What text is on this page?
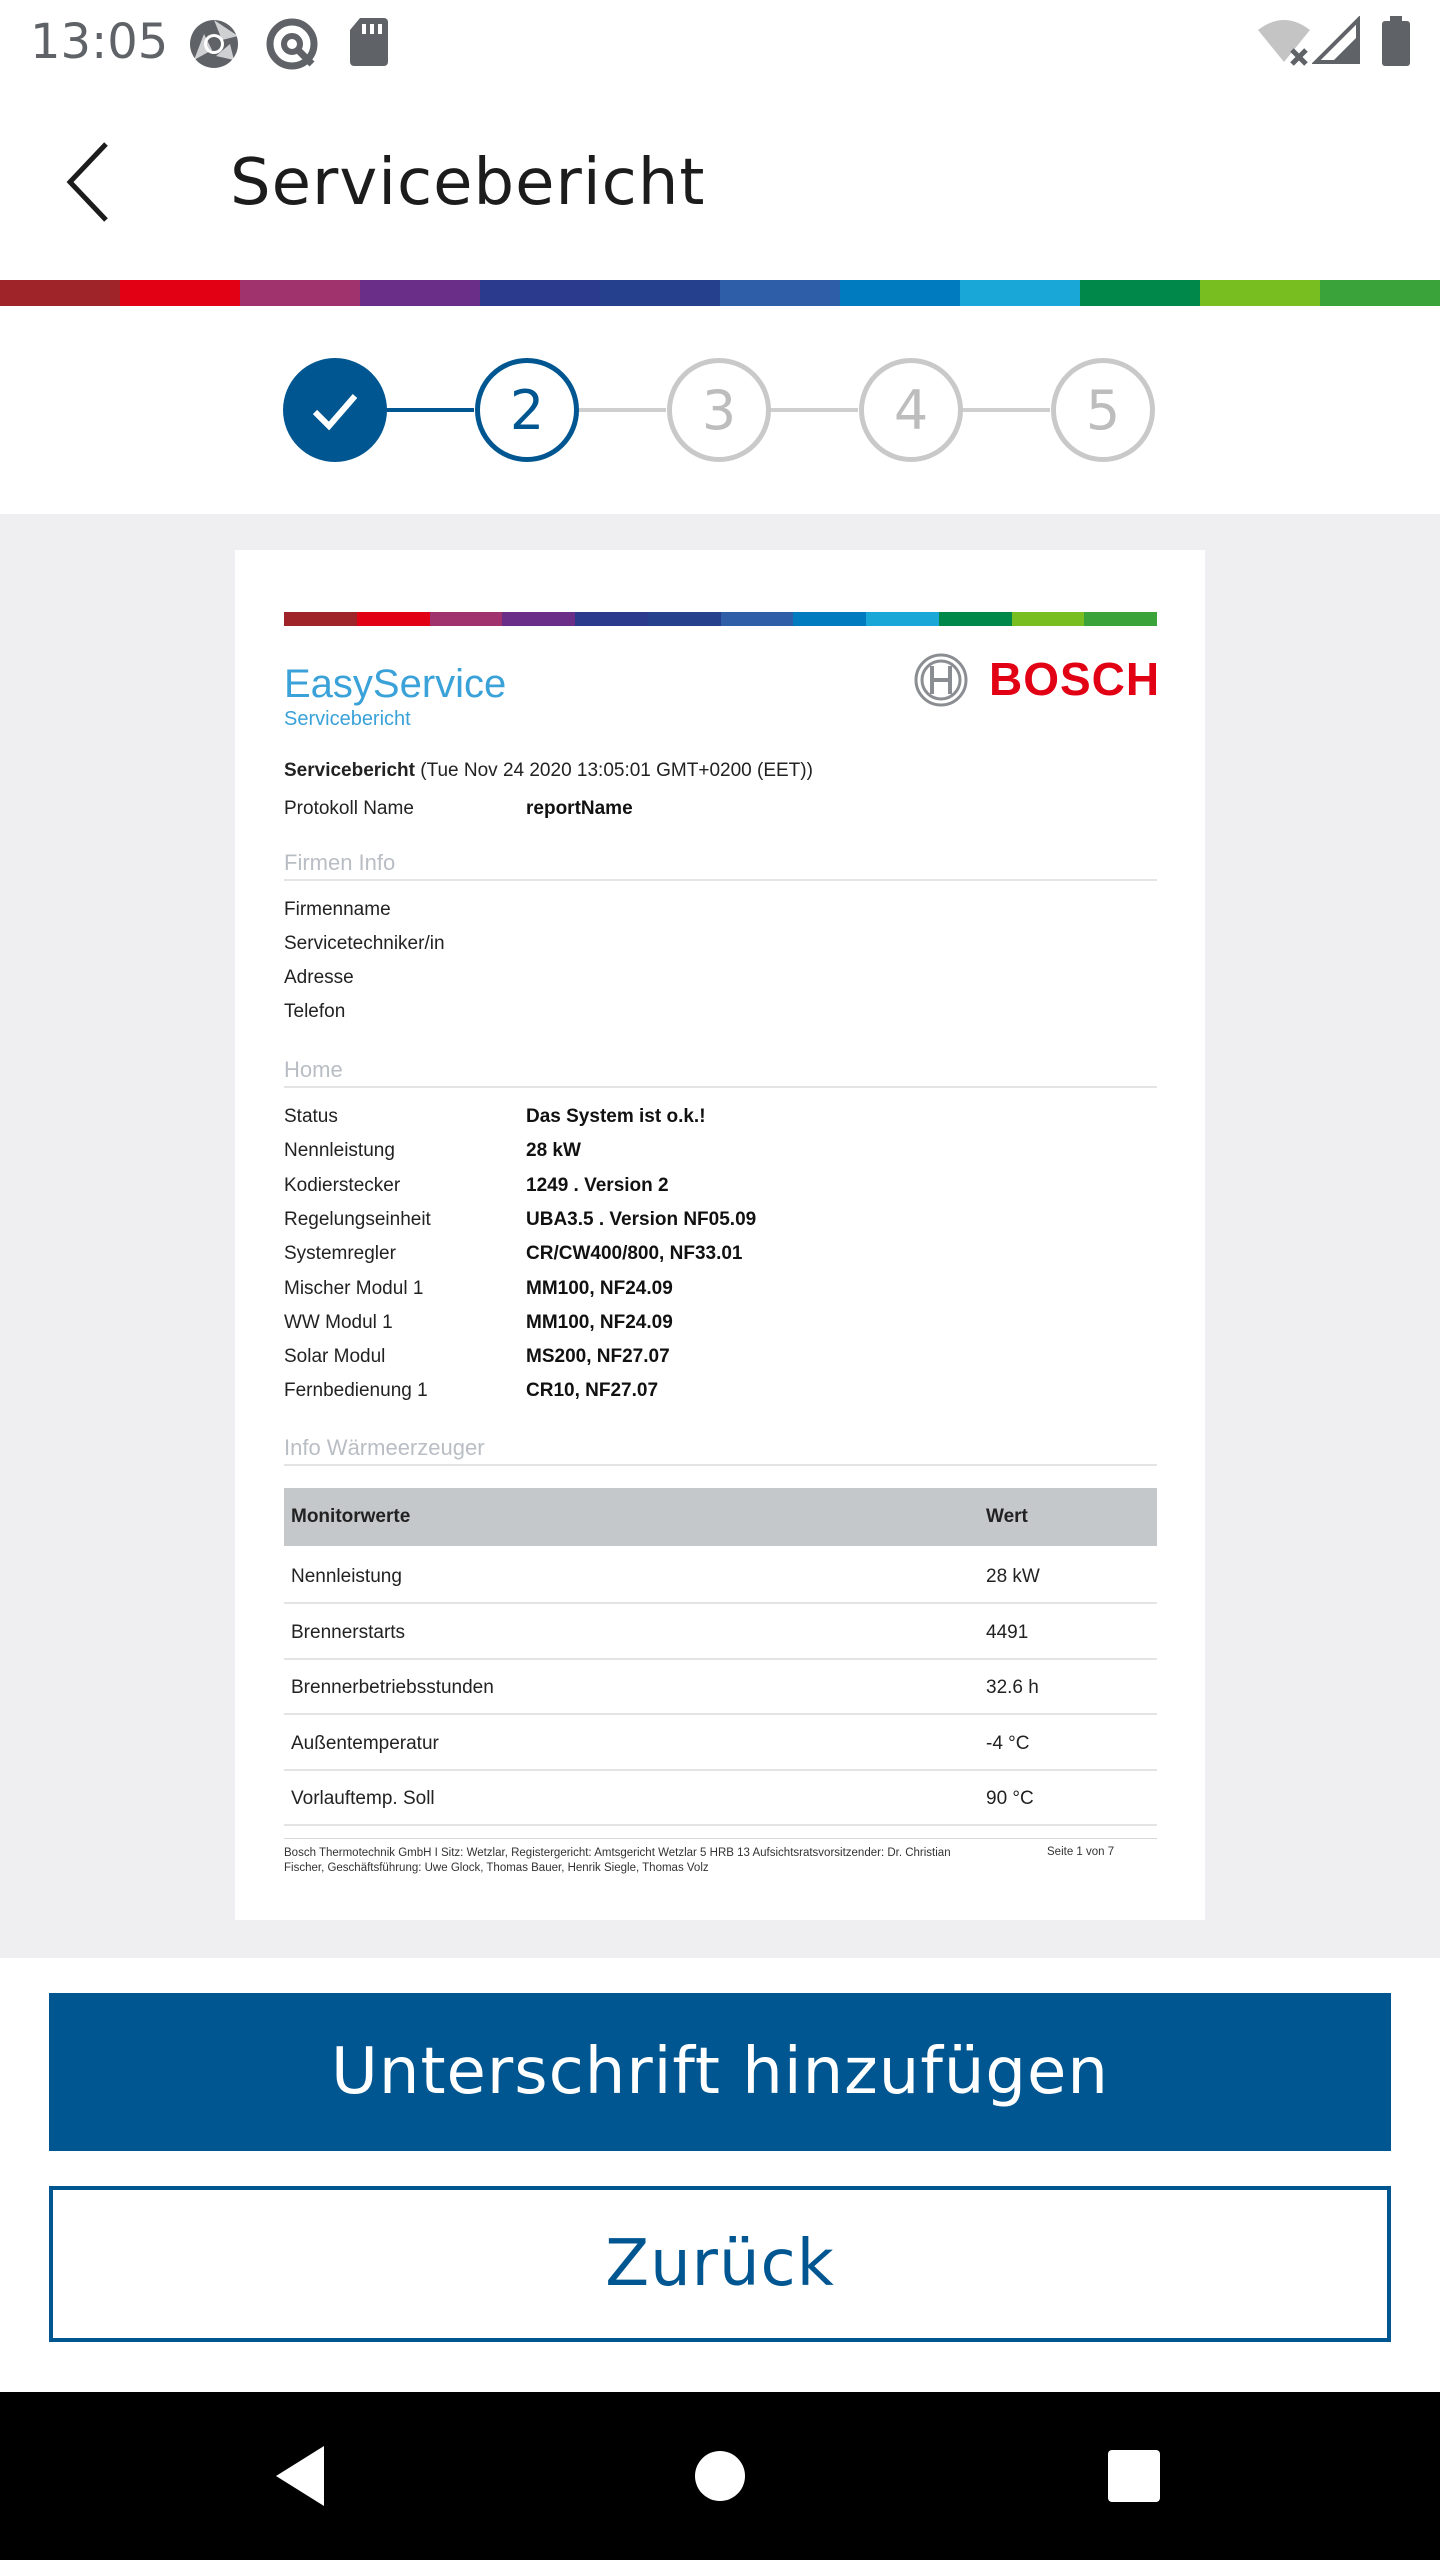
13:05
Servicebericht
2	3	4	5
EasyService
Servicebericht
BOSCH
Servicebericht (Tue Nov 24 2020 13:05:01 GMT+0200 (EET))
Protokoll Name	reportName
Firmen Info
Firmenname
Servicetechniker/in
Adresse
Telefon
Home
Status	Das System ist o.k.!
Nennleistung	28 kW
Kodierstecker	1249 . Version 2
Regelungseinheit	UBA3.5 . Version NF05.09
Systemregler	CR/CW400/800, NF33.01
Mischer Modul 1	MM100, NF24.09
WW Modul 1	MM100, NF24.09
Solar Modul	MS200, NF27.07
Fernbedienung 1	CR10, NF27.07
Info Wärmeerzeuger
Monitorwerte	Wert
Nennleistung	28 kW
Brennerstarts	4491
Brennerbetriebsstunden	32.6 h
Außentemperatur	-4 °C
Vorlauftemp. Soll	90 °C
Bosch Thermotechnik GmbH I Sitz: Wetzlar, Registergericht: Amtsgericht Wetzlar 5 HRB 13 Aufsichtsratsvorsitzender: Dr. Christian Fischer, Geschäftsführung: Uwe Glock, Thomas Bauer, Henrik Siegle, Thomas Volz
Seite 1 von 7
Unterschrift hinzufügen
Zurück
